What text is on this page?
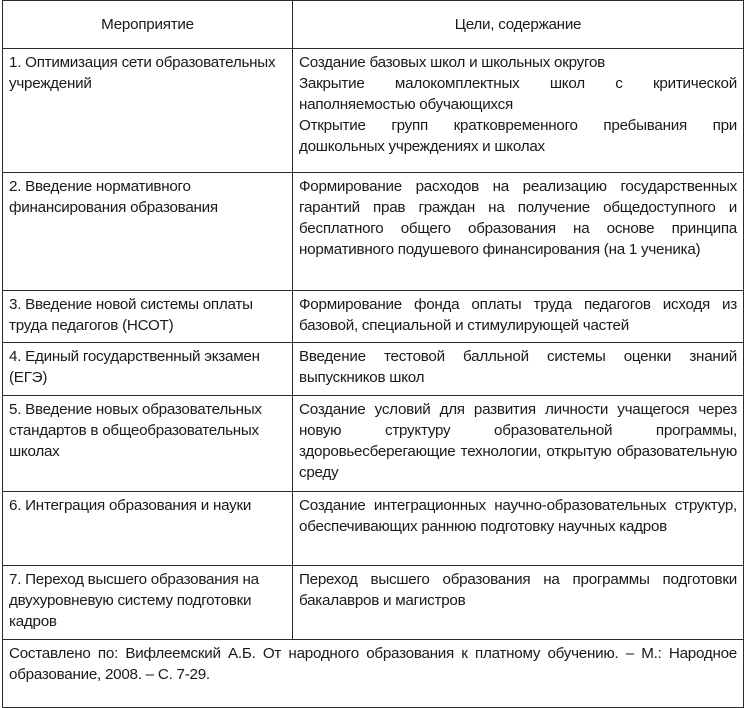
Мероприятие	Цели, содержание
1. Оптимизация сети образовательных учреждений	Создание базовых школ и школьных округов
Закрытие малокомплектных школ с критической наполняемостью обучающихся
Открытие групп кратковременного пребывания при дошкольных учреждениях и школах

2. Введение нормативного финансирования образования	Формирование расходов на реализацию государственных гарантий прав граждан на получение общедоступного и бесплатного общего образования на основе принципа нормативного подушевого финансирования (на 1 ученика)

3. Введение новой системы оплаты труда педагогов (НСОТ)	Формирование фонда оплаты труда педагогов исходя из базовой, специальной и стимулирующей частей

4. Единый государственный экзамен (ЕГЭ)	Введение тестовой балльной системы оценки знаний выпускников школ

5. Введение новых образовательных стандартов в общеобразовательных школах	Создание условий для развития личности учащегося через новую структуру образовательной программы, здоровьесберегающие технологии, открытую образовательную среду

6. Интеграция образования и науки	Создание интеграционных научно-образовательных структур, обеспечивающих раннюю подготовку научных кадров

7. Переход высшего образования на двухуровневую систему подготовки кадров	Переход высшего образования на программы подготовки бакалавров и магистров

Составлено по: Вифлеемский А.Б. От народного образования к платному обучению. – М.: Народное образование, 2008. – С. 7-29.	
